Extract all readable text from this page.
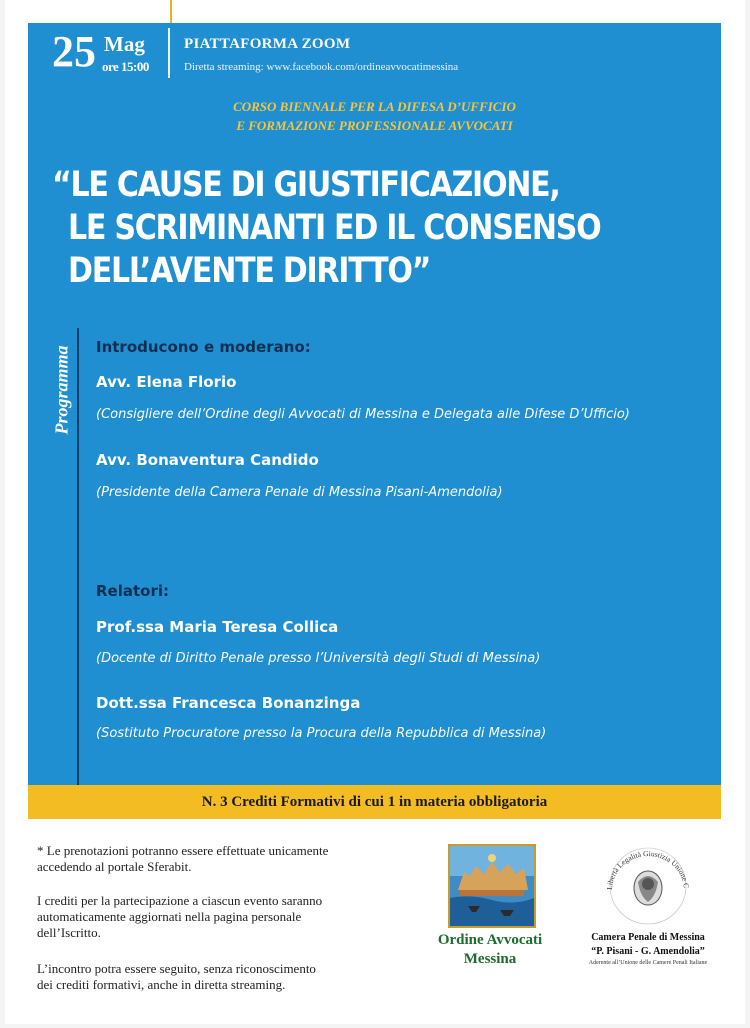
25 Mag
ore 15:00
PIATTAFORMA ZOOM
Diretta streaming: www.facebook.com/ordineavvocatimessina
CORSO BIENNALE PER LA DIFESA D’UFFICIO
E FORMAZIONE PROFESSIONALE AVVOCATI
“LE CAUSE DI GIUSTIFICAZIONE,
LE SCRIMINANTI ED IL CONSENSO
DELL’AVENTE DIRITTO”
Programma Introducono e moderano:
Avv. Elena Florio
(Consigliere dell’Ordine degli Avvocati di Messina e Delegata alle Difese D’Ufficio)
Avv. Bonaventura Candido
(Presidente della Camera Penale di Messina Pisani-Amendolia)
Relatori:
Prof.ssa Maria Teresa Collica
(Docente di Diritto Penale presso l’Università degli Studi di Messina)
Dott.ssa Francesca Bonanzinga
(Sostituto Procuratore presso la Procura della Repubblica di Messina)
N. 3 Crediti Formativi di cui 1 in materia obbligatoria
* Le prenotazioni potranno essere effettuate unicamente
accedendo al portale Sferabit.
I crediti per la partecipazione a ciascun evento saranno
automaticamente aggiornati nella pagina personale
dell’Iscritto.
L’incontro potra essere seguito, senza riconoscimento
dei crediti formativi, anche in diretta streaming.
Ordine Avvocati
Messina
Libertà Legalità Giustizia Unione C
Camera Penale di Messina
“P. Pisani - G. Amendolia”
Aderente all’Unione delle Camere Penali Italiane
